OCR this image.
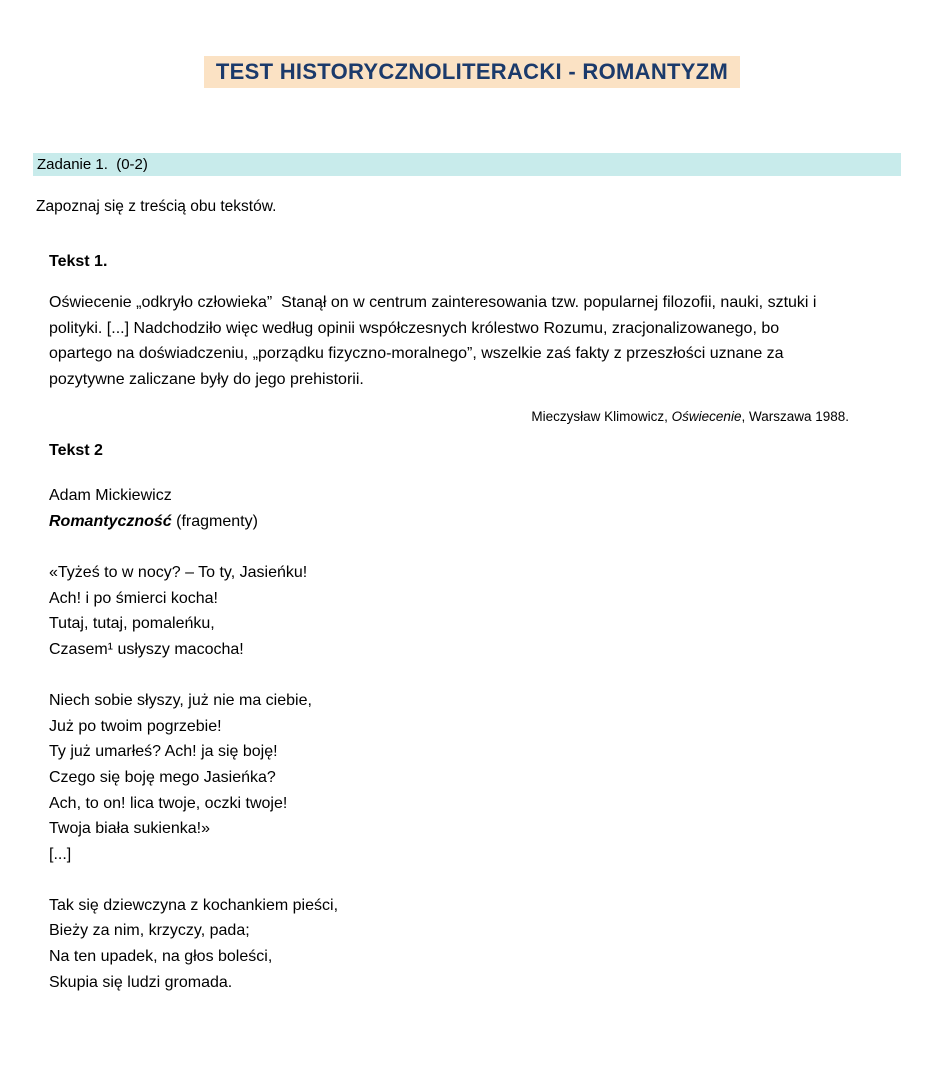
TEST HISTORYCZNOLITERACKI - ROMANTYZM
Zadanie 1.  (0-2)

Zapoznaj się z treścią obu tekstów.

Tekst 1.

Oświecenie „odkryło człowieka”  Stanął on w centrum zainteresowania tzw. popularnej filozofii, nauki, sztuki i polityki. [...] Nadchodziło więc według opinii współczesnych królestwo Rozumu, zracjonalizowanego, bo opartego na doświadczeniu, „porządku fizyczno-moralnego”, wszelkie zaś fakty z przeszłości uznane za pozytywne zaliczane były do jego prehistorii.

Mieczysław Klimowicz, Oświecenie, Warszawa 1988.

Tekst 2
Adam Mickiewicz
Romantyczność (fragmenty)
«Tyżeś to w nocy? – To ty, Jasieńku!
Ach! i po śmierci kocha!
Tutaj, tutaj, pomaleńku,
Czasem¹ usłyszy macocha!
Niech sobie słyszy, już nie ma ciebie,
Już po twoim pogrzebie!
Ty już umarłeś? Ach! ja się boję!
Czego się boję mego Jasieńka?
Ach, to on! lica twoje, oczki twoje!
Twoja biała sukienka!»
[...]
Tak się dziewczyna z kochankiem pieści,
Bieży za nim, krzyczy, pada;
Na ten upadek, na głos boleści,
Skupia się ludzi gromada.
